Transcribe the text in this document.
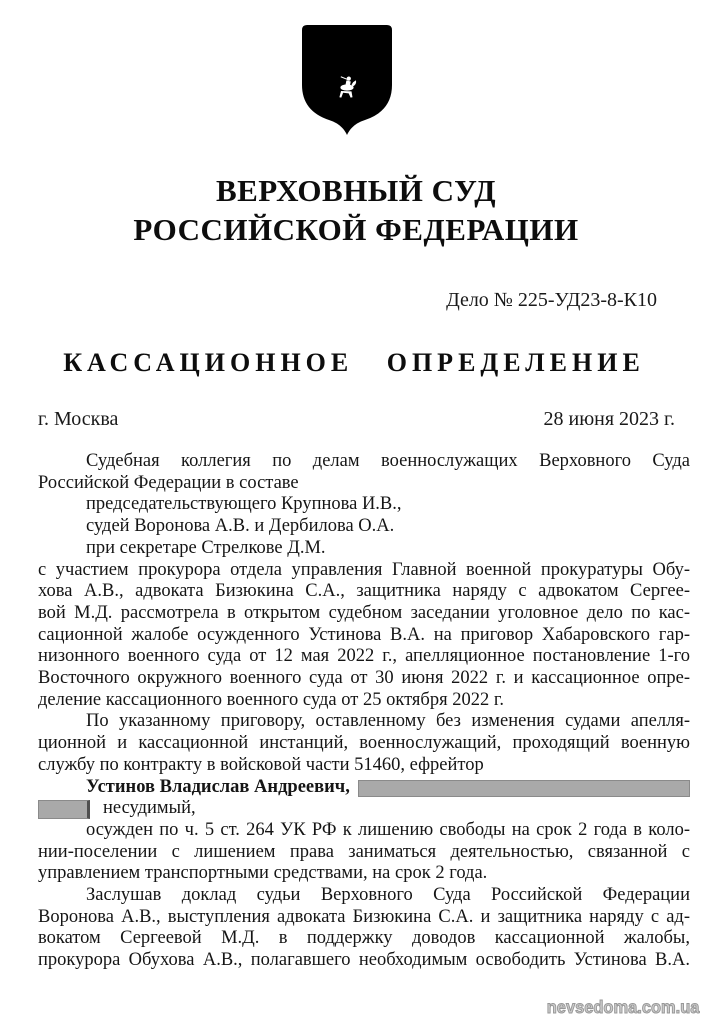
ВЕРХОВНЫЙ СУД
РОССИЙСКОЙ ФЕДЕРАЦИИ
Дело № 225-УД23-8-К10
КАССАЦИОННОЕ ОПРЕДЕЛЕНИЕ
г. Москва	28 июня 2023 г.
Судебная коллегия по делам военнослужащих Верховного Суда
Российской Федерации в составе
председательствующего Крупнова И.В.,
судей Воронова А.В. и Дербилова О.А.
при секретаре Стрелкове Д.М.
с участием прокурора отдела управления Главной военной прокуратуры Обу-
хова А.В., адвоката Бизюкина С.А., защитника наряду с адвокатом Сергее-
вой М.Д. рассмотрела в открытом судебном заседании уголовное дело по кас-
сационной жалобе осужденного Устинова В.А. на приговор Хабаровского гар-
низонного военного суда от 12 мая 2022 г., апелляционное постановление 1-го
Восточного окружного военного суда от 30 июня 2022 г. и кассационное опре-
деление кассационного военного суда от 25 октября 2022 г.
По указанному приговору, оставленному без изменения судами апелля-
ционной и кассационной инстанций, военнослужащий, проходящий военную
службу по контракту в войсковой части 51460, ефрейтор
Устинов Владислав Андреевич,
несудимый,
осужден по ч. 5 ст. 264 УК РФ к лишению свободы на срок 2 года в коло-
нии-поселении с лишением права заниматься деятельностью, связанной с
управлением транспортными средствами, на срок 2 года.
Заслушав доклад судьи Верховного Суда Российской Федерации
Воронова А.В., выступления адвоката Бизюкина С.А. и защитника наряду с ад-
вокатом Сергеевой М.Д. в поддержку доводов кассационной жалобы,
прокурора Обухова А.В., полагавшего необходимым освободить Устинова В.А.
nevsedoma.com.ua
